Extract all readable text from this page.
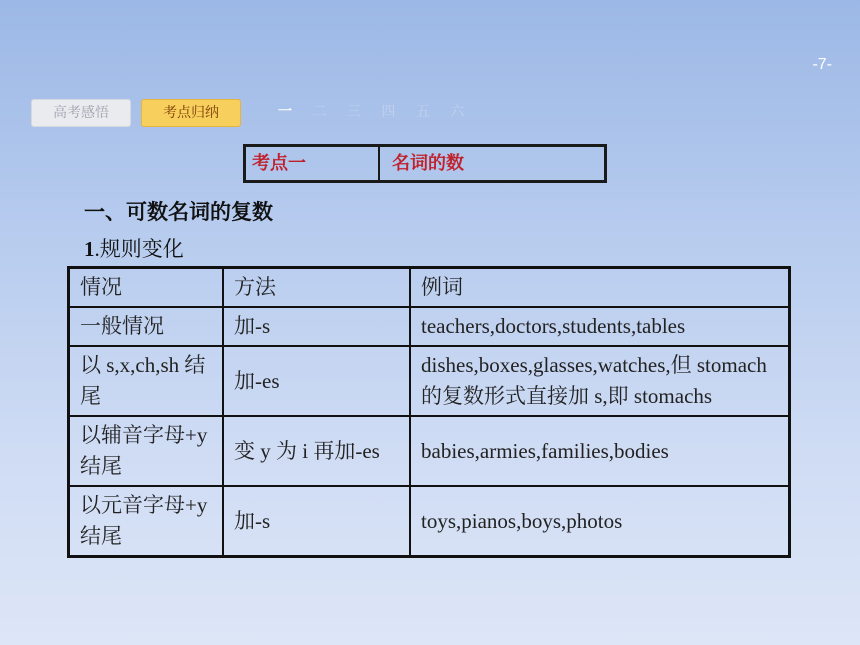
-7-
高考感悟	考点归纳	一 二 三 四 五 六
考点一	名词的数
一、可数名词的复数
1.规则变化
情况	方法	例词
一般情况	加-s	teachers,doctors,students,tables
以 s,x,ch,sh 结尾	加-es	dishes,boxes,glasses,watches,但 stomach 的复数形式直接加 s,即 stomachs
以辅音字母+y 结尾	变 y 为 i 再加-es	babies,armies,families,bodies
以元音字母+y 结尾	加-s	toys,pianos,boys,photos
